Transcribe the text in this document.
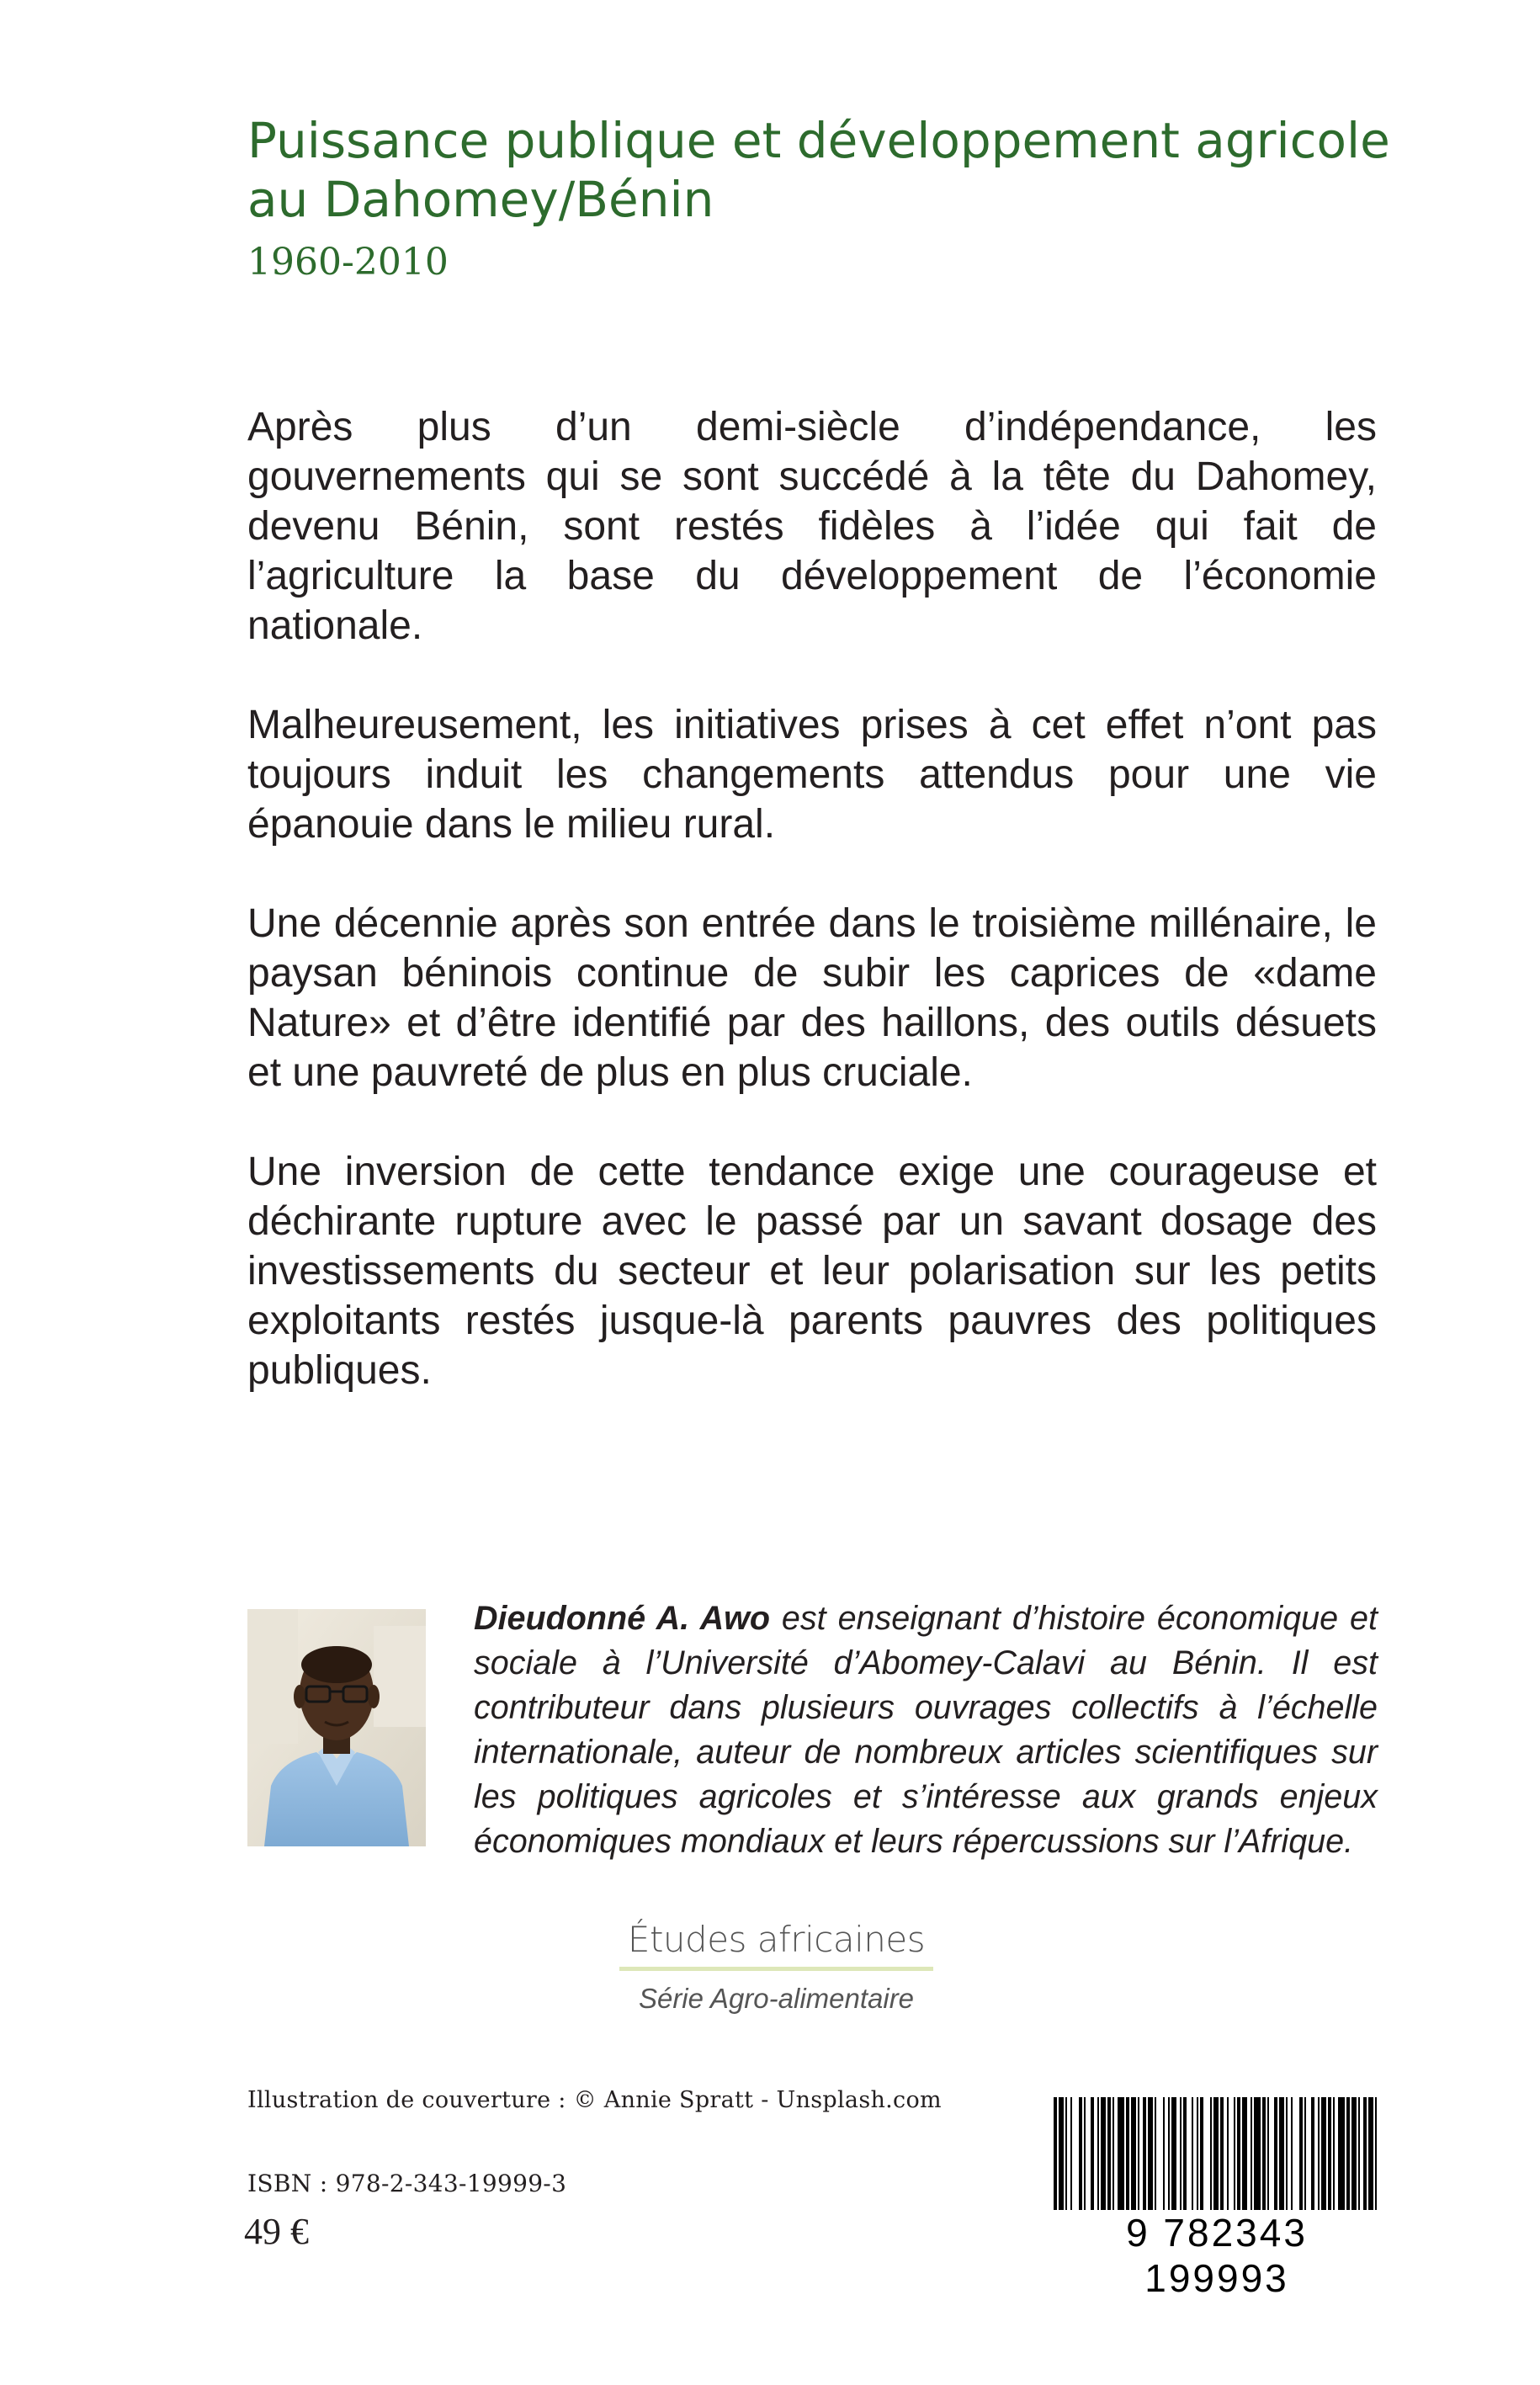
Puissance publique et développement agricole
au Dahomey/Bénin
1960-2010

Après plus d’un demi-siècle d’indépendance, les gouvernements qui se sont succédé à la tête du Dahomey, devenu Bénin, sont restés fidèles à l’idée qui fait de l’agriculture la base du développement de l’économie nationale.

Malheureusement, les initiatives prises à cet effet n’ont pas toujours induit les changements attendus pour une vie épanouie dans le milieu rural.

Une décennie après son entrée dans le troisième millénaire, le paysan béninois continue de subir les caprices de «dame Nature» et d’être identifié par des haillons, des outils désuets et une pauvreté de plus en plus cruciale.

Une inversion de cette tendance exige une courageuse et déchirante rupture avec le passé par un savant dosage des investissements du secteur et leur polarisation sur les petits exploitants restés jusque-là parents pauvres des politiques publiques.

Dieudonné A. Awo est enseignant d’histoire économique et sociale à l’Université d’Abomey-Calavi au Bénin. Il est contributeur dans plusieurs ouvrages collectifs à l’échelle internationale, auteur de nombreux articles scientifiques sur les politiques agricoles et s’intéresse aux grands enjeux économiques mondiaux et leurs répercussions sur l’Afrique.

Études africaines
Série Agro-alimentaire
Illustration de couverture : © Annie Spratt - Unsplash.com
ISBN : 978-2-343-19999-3
49 €	9 782343 199993
